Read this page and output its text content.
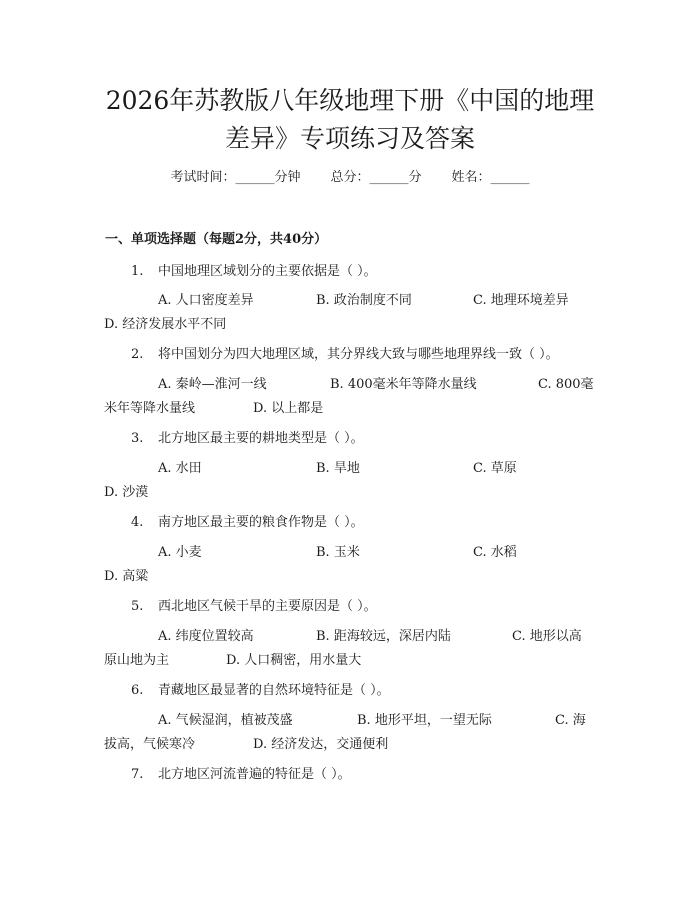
2026年苏教版八年级地理下册《中国的地理
差异》专项练习及答案
考试时间：______分钟 总分：______分 姓名：______
一、单项选择题（每题2分，共40分）
1. 中国地理区域划分的主要依据是（ ）。
A. 人口密度差异	B. 政治制度不同	C. 地理环境差异
D. 经济发展水平不同
2. 将中国划分为四大地理区域，其分界线大致与哪些地理界线一致（ ）。
A. 秦岭—淮河一线	B. 400毫米年等降水量线	C. 800毫
米年等降水量线	D. 以上都是
3. 北方地区最主要的耕地类型是（ ）。
A. 水田	B. 旱地	C. 草原
D. 沙漠
4. 南方地区最主要的粮食作物是（ ）。
A. 小麦	B. 玉米	C. 水稻
D. 高粱
5. 西北地区气候干旱的主要原因是（ ）。
A. 纬度位置较高	B. 距海较远，深居内陆	C. 地形以高
原山地为主	D. 人口稠密，用水量大
6. 青藏地区最显著的自然环境特征是（ ）。
A. 气候湿润，植被茂盛	B. 地形平坦，一望无际	C. 海
拔高，气候寒冷	D. 经济发达，交通便利
7. 北方地区河流普遍的特征是（ ）。
